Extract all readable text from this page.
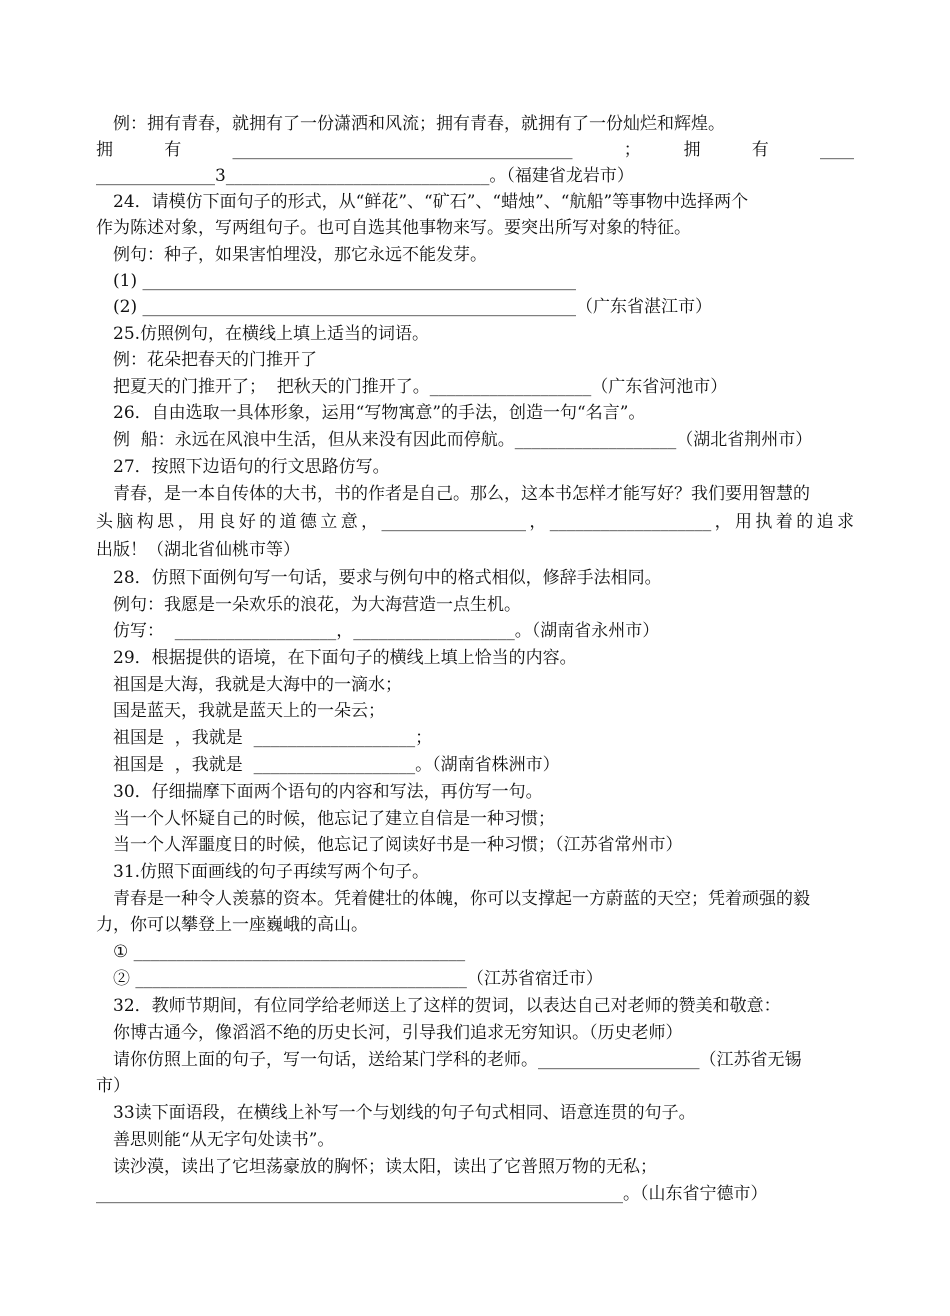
例：拥有青春，就拥有了一份潇洒和风流；拥有青春，就拥有了一份灿烂和辉煌。
拥　　有　　________________________________________　　；　　拥　　有　　____
______________3_______________________________。（福建省龙岩市）
24．请模仿下面句子的形式，从“鲜花”、“矿石”、“蜡烛”、“航船”等事物中选择两个
作为陈述对象，写两组句子。也可自选其他事物来写。要突出所写对象的特征。
例句：种子，如果害怕埋没，那它永远不能发芽。
(1) ___________________________________________________
(2) ___________________________________________________（广东省湛江市）
25.仿照例句，在横线上填上适当的词语。
例：花朵把春天的门推开了
把夏天的门推开了；  把秋天的门推开了。___________________（广东省河池市）
26．自由选取一具体形象，运用“写物寓意”的手法，创造一句“名言”。
例  船：永远在风浪中生活，但从来没有因此而停航。___________________（湖北省荆州市）
27．按照下边语句的行文思路仿写。
青春，是一本自传体的大书，书的作者是自己。那么，这本书怎样才能写好？我们要用智慧的
头脑构思，用良好的道德立意，_________________，___________________，用执着的追求
出版！（湖北省仙桃市等）
28．仿照下面例句写一句话，要求与例句中的格式相似，修辞手法相同。
例句：我愿是一朵欢乐的浪花，为大海营造一点生机。
仿写：  ___________________，___________________。（湖南省永州市）
29．根据提供的语境，在下面句子的横线上填上恰当的内容。
祖国是大海，我就是大海中的一滴水；
国是蓝天，我就是蓝天上的一朵云；
祖国是  ，我就是  ___________________；
祖国是  ，我就是  ___________________。（湖南省株洲市）
30．仔细揣摩下面两个语句的内容和写法，再仿写一句。
当一个人怀疑自己的时候，他忘记了建立自信是一种习惯；
当一个人浑噩度日的时候，他忘记了阅读好书是一种习惯；（江苏省常州市）
31.仿照下面画线的句子再续写两个句子。
青春是一种令人羡慕的资本。凭着健壮的体魄，你可以支撑起一方蔚蓝的天空；凭着顽强的毅
力，你可以攀登上一座巍峨的高山。
① _______________________________________
② _______________________________________（江苏省宿迁市）
32．教师节期间，有位同学给老师送上了这样的贺词，以表达自己对老师的赞美和敬意：
你博古通今，像滔滔不绝的历史长河，引导我们追求无穷知识。（历史老师）
请你仿照上面的句子，写一句话，送给某门学科的老师。___________________（江苏省无锡
市）
33读下面语段，在横线上补写一个与划线的句子句式相同、语意连贯的句子。
善思则能“从无字句处读书”。
读沙漠，读出了它坦荡豪放的胸怀；读太阳，读出了它普照万物的无私；
______________________________________________________________。（山东省宁德市）
